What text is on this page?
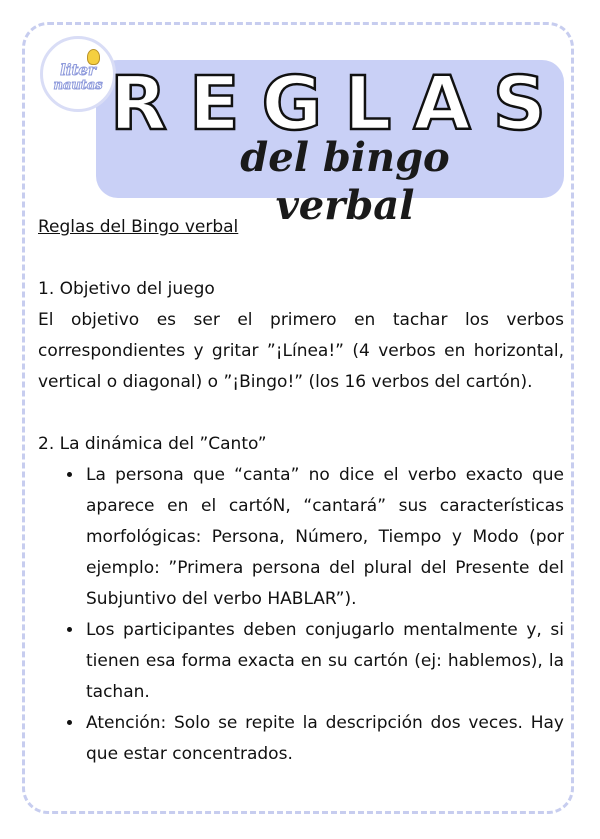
liter
nautas REGLAS
del bingo verbal

Reglas del Bingo verbal

1. Objetivo del juego

El objetivo es ser el primero en tachar los verbos correspondientes y gritar ”¡Línea!” (4 verbos en horizontal, vertical o diagonal) o ”¡Bingo!” (los 16 verbos del cartón).

2. La dinámica del ”Canto”

• La persona que “canta” no dice el verbo exacto que aparece en el cartóN, “cantará” sus características morfológicas: Persona, Número, Tiempo y Modo (por ejemplo: ”Primera persona del plural del Presente del Subjuntivo del verbo HABLAR”).
• Los participantes deben conjugarlo mentalmente y, si tienen esa forma exacta en su cartón (ej: hablemos), la tachan.
• Atención: Solo se repite la descripción dos veces. Hay que estar concentrados.
